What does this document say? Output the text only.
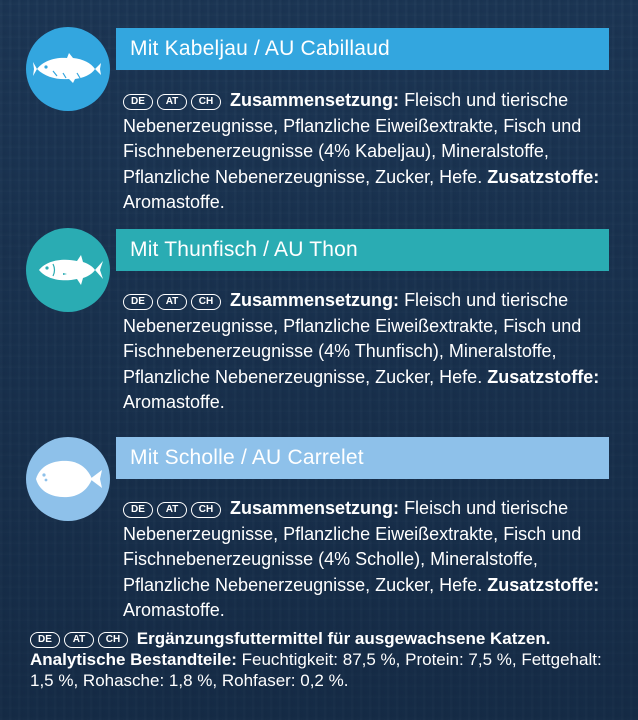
Mit Kabeljau / AU Cabillaud
DE AT CH Zusammensetzung: Fleisch und tierische Nebenerzeugnisse, Pflanzliche Eiweißextrakte, Fisch und Fischnebenerzeugnisse (4% Kabeljau), Mineralstoffe, Pflanzliche Nebenerzeugnisse, Zucker, Hefe. Zusatzstoffe: Aromastoffe.
Mit Thunfisch / AU Thon
DE AT CH Zusammensetzung: Fleisch und tierische Nebenerzeugnisse, Pflanzliche Eiweißextrakte, Fisch und Fischnebenerzeugnisse (4% Thunfisch), Mineralstoffe, Pflanzliche Nebenerzeugnisse, Zucker, Hefe. Zusatzstoffe: Aromastoffe.
Mit Scholle / AU Carrelet
DE AT CH Zusammensetzung: Fleisch und tierische Nebenerzeugnisse, Pflanzliche Eiweißextrakte, Fisch und Fischnebenerzeugnisse (4% Scholle), Mineralstoffe, Pflanzliche Nebenerzeugnisse, Zucker, Hefe. Zusatzstoffe: Aromastoffe.
DE AT CH Ergänzungsfuttermittel für ausgewachsene Katzen.
Analytische Bestandteile: Feuchtigkeit: 87,5 %, Protein: 7,5 %, Fettgehalt: 1,5 %, Rohasche: 1,8 %, Rohfaser: 0,2 %.
